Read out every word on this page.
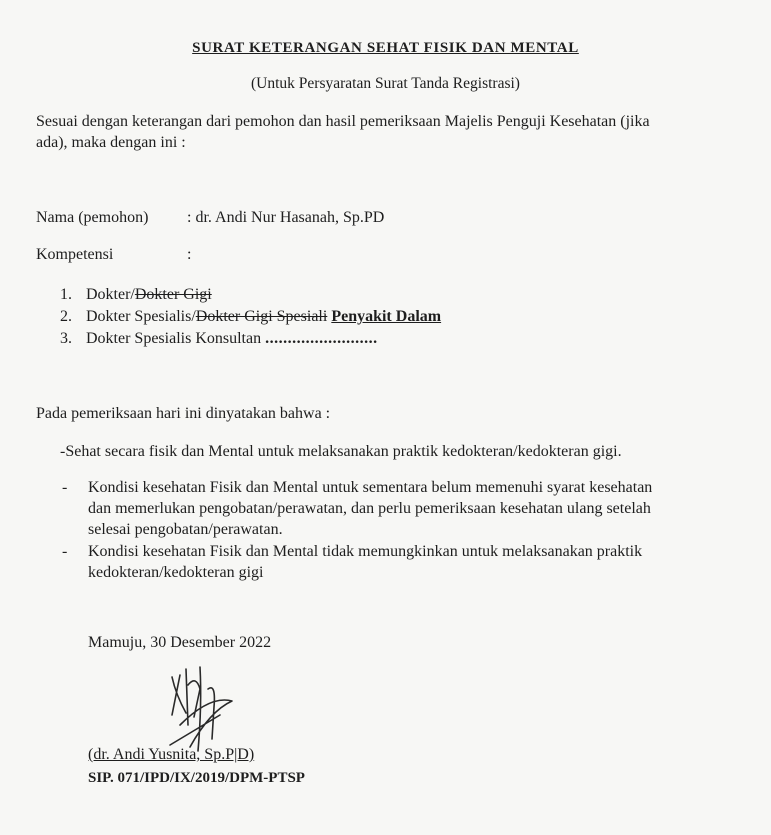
SURAT KETERANGAN SEHAT FISIK DAN MENTAL
(Untuk Persyaratan Surat Tanda Registrasi)
Sesuai dengan keterangan dari pemohon dan hasil pemeriksaan Majelis Penguji Kesehatan (jika
ada), maka dengan ini :
Nama (pemohon) : dr. Andi Nur Hasanah, Sp.PD
Kompetensi	:
1. Dokter/Dokter Gigi
2. Dokter Spesialis/Dokter Gigi Spesiali Penyakit Dalam
3. Dokter Spesialis Konsultan .........................
Pada pemeriksaan hari ini dinyatakan bahwa :
-Sehat secara fisik dan Mental untuk melaksanakan praktik kedokteran/kedokteran gigi.
- Kondisi kesehatan Fisik dan Mental untuk sementara belum memenuhi syarat kesehatan
dan memerlukan pengobatan/perawatan, dan perlu pemeriksaan kesehatan ulang setelah
selesai pengobatan/perawatan.
- Kondisi kesehatan Fisik dan Mental tidak memungkinkan untuk melaksanakan praktik
kedokteran/kedokteran gigi
Mamuju, 30 Desember 2022
(dr. Andi Yusnita, Sp.P|D)
SIP. 071/IPD/IX/2019/DPM-PTSP
